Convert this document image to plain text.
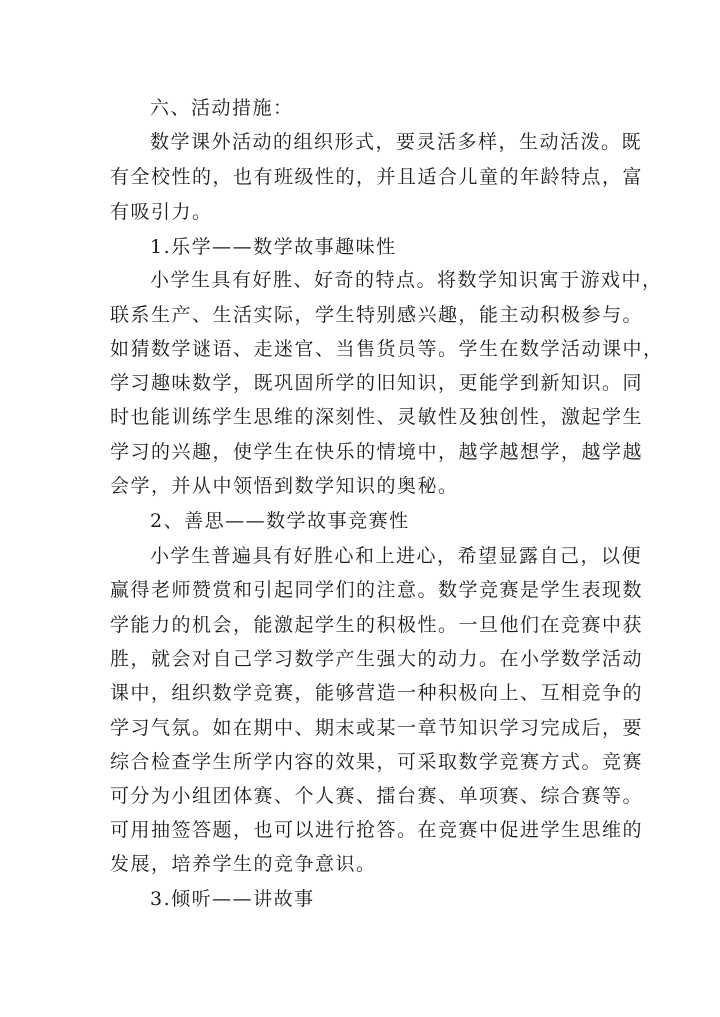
六、活动措施：
数学课外活动的组织形式，要灵活多样，生动活泼。既
有全校性的，也有班级性的，并且适合儿童的年龄特点，富
有吸引力。
1.乐学——数学故事趣味性
小学生具有好胜、好奇的特点。将数学知识寓于游戏中，
联系生产、生活实际，学生特别感兴趣，能主动积极参与。
如猜数学谜语、走迷官、当售货员等。学生在数学活动课中，
学习趣味数学，既巩固所学的旧知识，更能学到新知识。同
时也能训练学生思维的深刻性、灵敏性及独创性，激起学生
学习的兴趣，使学生在快乐的情境中，越学越想学，越学越
会学，并从中领悟到数学知识的奥秘。
2、善思——数学故事竞赛性
小学生普遍具有好胜心和上进心，希望显露自己，以便
赢得老师赞赏和引起同学们的注意。数学竞赛是学生表现数
学能力的机会，能激起学生的积极性。一旦他们在竞赛中获
胜，就会对自己学习数学产生强大的动力。在小学数学活动
课中，组织数学竞赛，能够营造一种积极向上、互相竞争的
学习气氛。如在期中、期末或某一章节知识学习完成后，要
综合检查学生所学内容的效果，可采取数学竞赛方式。竞赛
可分为小组团体赛、个人赛、擂台赛、单项赛、综合赛等。
可用抽签答题，也可以进行抢答。在竞赛中促进学生思维的
发展，培养学生的竞争意识。
3.倾听——讲故事
